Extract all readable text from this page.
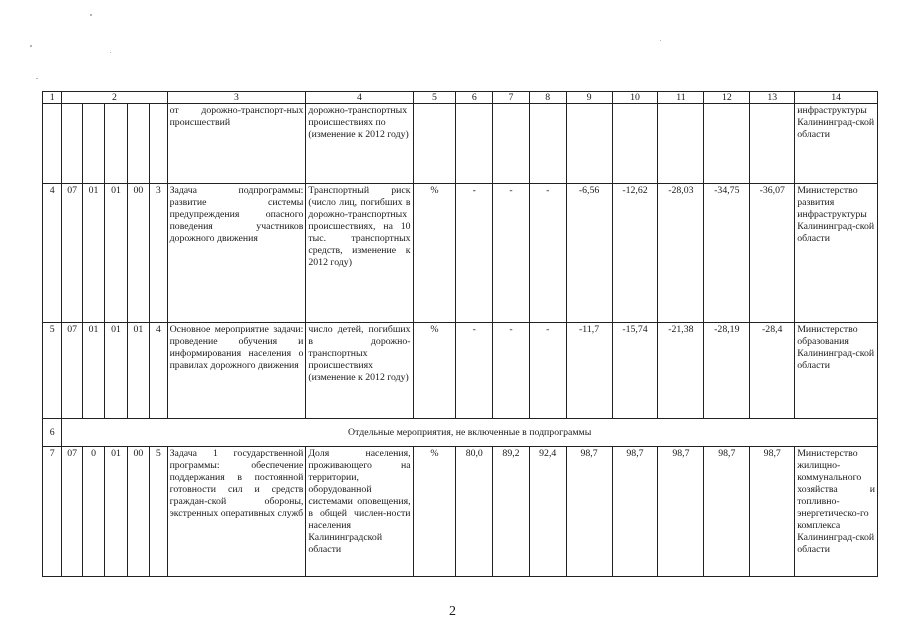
1	2					3	4	5	6	7	8	9	10	11	12	13	14
						от дорожно-транспорт-ных происшествий	дорожно-транспортных происшествиях по (изменение к 2012 году)										инфраструктуры Калининград-ской области
4	07	01	01	00	3	Задача подпрограммы: развитие системы предупреждения опасного поведения участников дорожного движения	Транспортный риск (число лиц, погибших в дорожно-транспортных происшествиях, на 10 тыс. транспортных средств, изменение к 2012 году)	%	-	-	-	-6,56	-12,62	-28,03	-34,75	-36,07	Министерство развития инфраструктуры Калининград-ской области
5	07	01	01	01	4	Основное мероприятие задачи: проведение обучения и информирования населения о правилах дорожного движения	число детей, погибших в дорожно-транспортных происшествиях (изменение к 2012 году)	%	-	-	-	-11,7	-15,74	-21,38	-28,19	-28,4	Министерство образования Калининград-ской области
6	Отдельные мероприятия, не включенные в подпрограммы																
7	07	0	01	00	5	Задача 1 государственной программы: обеспечение поддержания в постоянной готовности сил и средств граждан-ской обороны, экстренных оперативных служб	Доля населения, проживающего на территории, оборудованной системами оповещения, в общей числен-ности населения Калининградской области	%	80,0	89,2	92,4	98,7	98,7	98,7	98,7	98,7	Министерство жилищно-коммунального хозяйства и топливно-энергетическо-го комплекса Калининград-ской области
2
